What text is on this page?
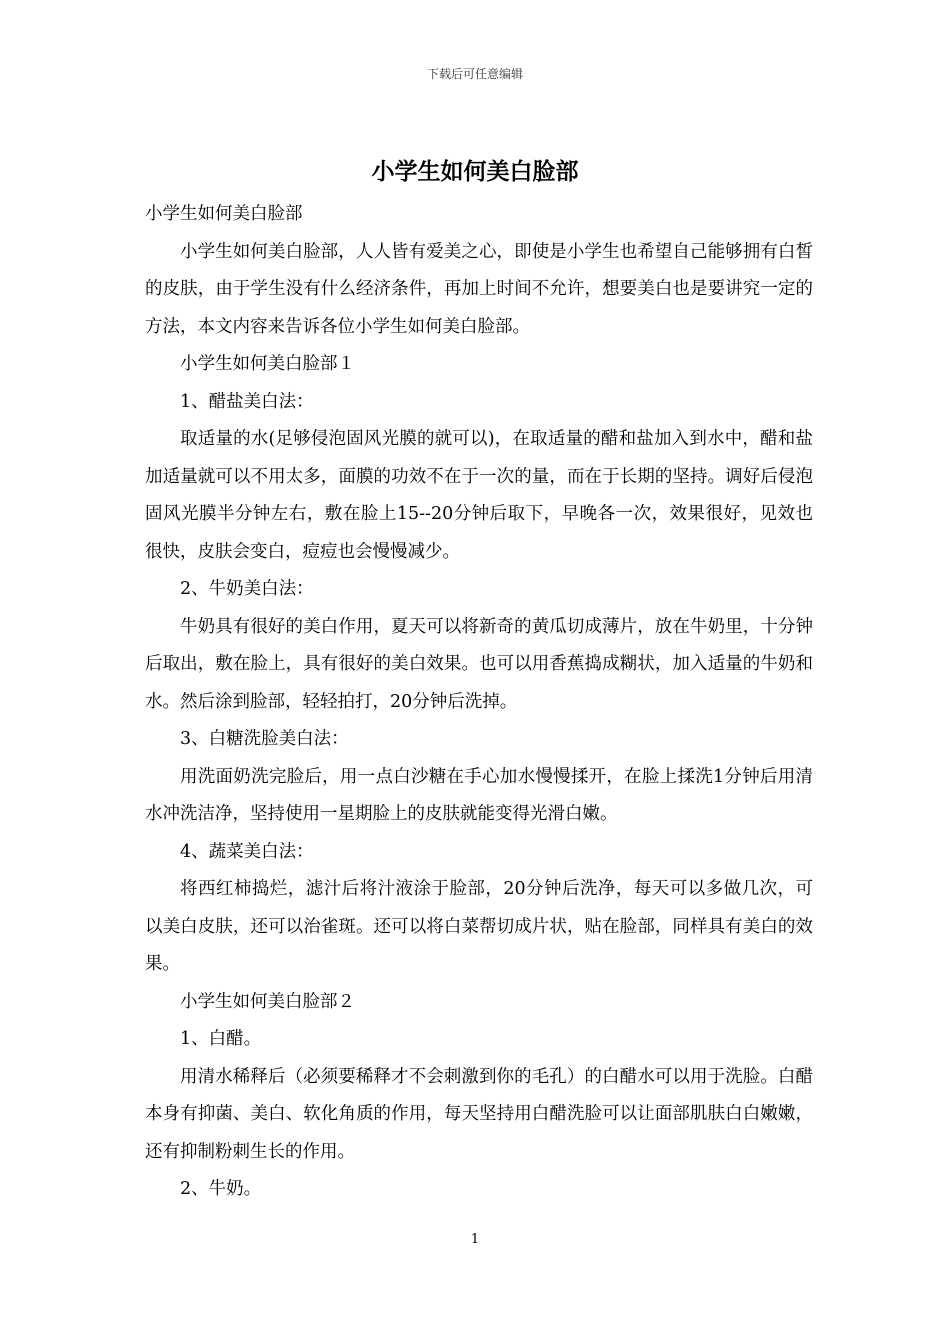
下载后可任意编辑
小学生如何美白脸部

小学生如何美白脸部

小学生如何美白脸部，人人皆有爱美之心，即使是小学生也希望自己能够拥有白皙的皮肤，由于学生没有什么经济条件，再加上时间不允许，想要美白也是要讲究一定的方法，本文内容来告诉各位小学生如何美白脸部。

小学生如何美白脸部１

1、醋盐美白法：

取适量的水(足够侵泡固风光膜的就可以)，在取适量的醋和盐加入到水中，醋和盐加适量就可以不用太多，面膜的功效不在于一次的量，而在于长期的坚持。调好后侵泡固风光膜半分钟左右，敷在脸上15--20分钟后取下，早晚各一次，效果很好，见效也很快，皮肤会变白，痘痘也会慢慢减少。

2、牛奶美白法：

牛奶具有很好的美白作用，夏天可以将新奇的黄瓜切成薄片，放在牛奶里，十分钟后取出，敷在脸上，具有很好的美白效果。也可以用香蕉捣成糊状，加入适量的牛奶和水。然后涂到脸部，轻轻拍打，20分钟后洗掉。

3、白糖洗脸美白法：

用洗面奶洗完脸后，用一点白沙糖在手心加水慢慢揉开，在脸上揉洗1分钟后用清水冲洗洁净，坚持使用一星期脸上的皮肤就能变得光滑白嫩。

4、蔬菜美白法：

将西红柿捣烂，滤汁后将汁液涂于脸部，20分钟后洗净，每天可以多做几次，可以美白皮肤，还可以治雀斑。还可以将白菜帮切成片状，贴在脸部，同样具有美白的效果。

小学生如何美白脸部２

1、白醋。

用清水稀释后（必须要稀释才不会刺激到你的毛孔）的白醋水可以用于洗脸。白醋本身有抑菌、美白、软化角质的作用，每天坚持用白醋洗脸可以让面部肌肤白白嫩嫩，还有抑制粉刺生长的作用。

2、牛奶。

1
